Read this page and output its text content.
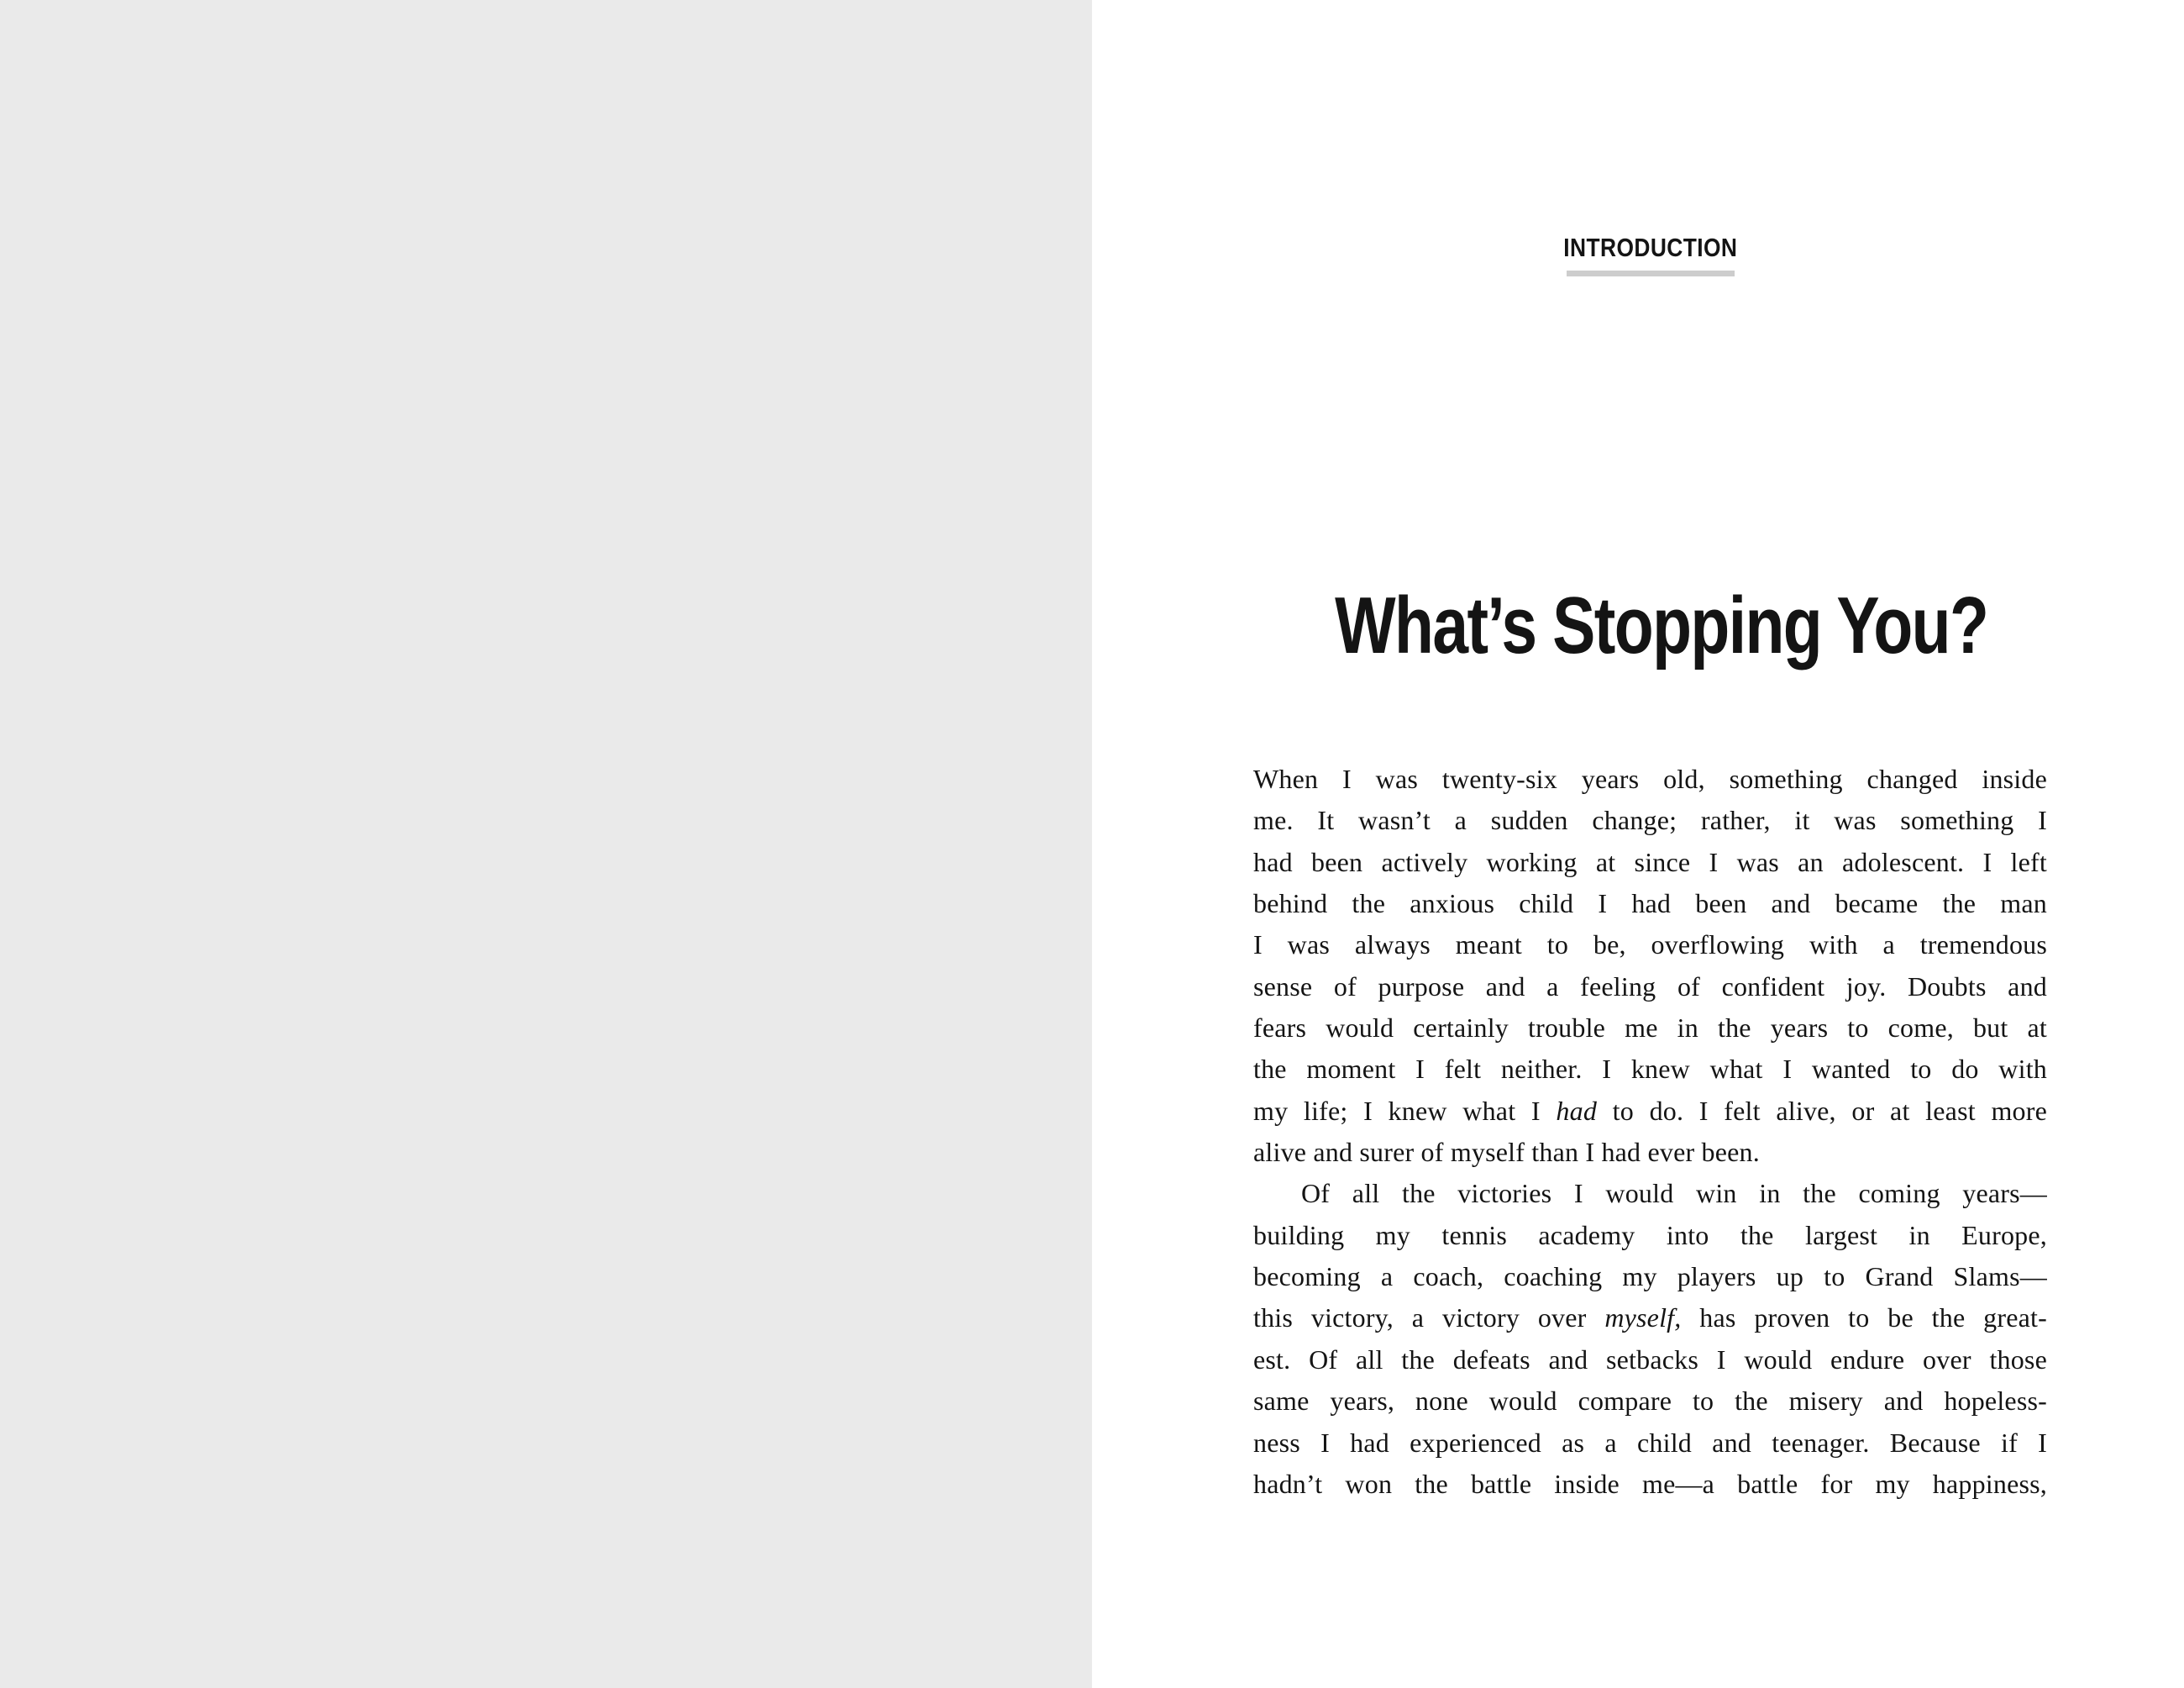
INTRODUCTION
What’s Stopping You?
When I was twenty-six years old, something changed inside
me. It wasn’t a sudden change; rather, it was something I
had been actively working at since I was an adolescent. I left
behind the anxious child I had been and became the man
I was always meant to be, overflowing with a tremendous
sense of purpose and a feeling of confident joy. Doubts and
fears would certainly trouble me in the years to come, but at
the moment I felt neither. I knew what I wanted to do with
my life; I knew what I had to do. I felt alive, or at least more
alive and surer of myself than I had ever been.
Of all the victories I would win in the coming years—
building my tennis academy into the largest in Europe,
becoming a coach, coaching my players up to Grand Slams—
this victory, a victory over myself, has proven to be the great-
est. Of all the defeats and setbacks I would endure over those
same years, none would compare to the misery and hopeless-
ness I had experienced as a child and teenager. Because if I
hadn’t won the battle inside me—a battle for my happiness,
